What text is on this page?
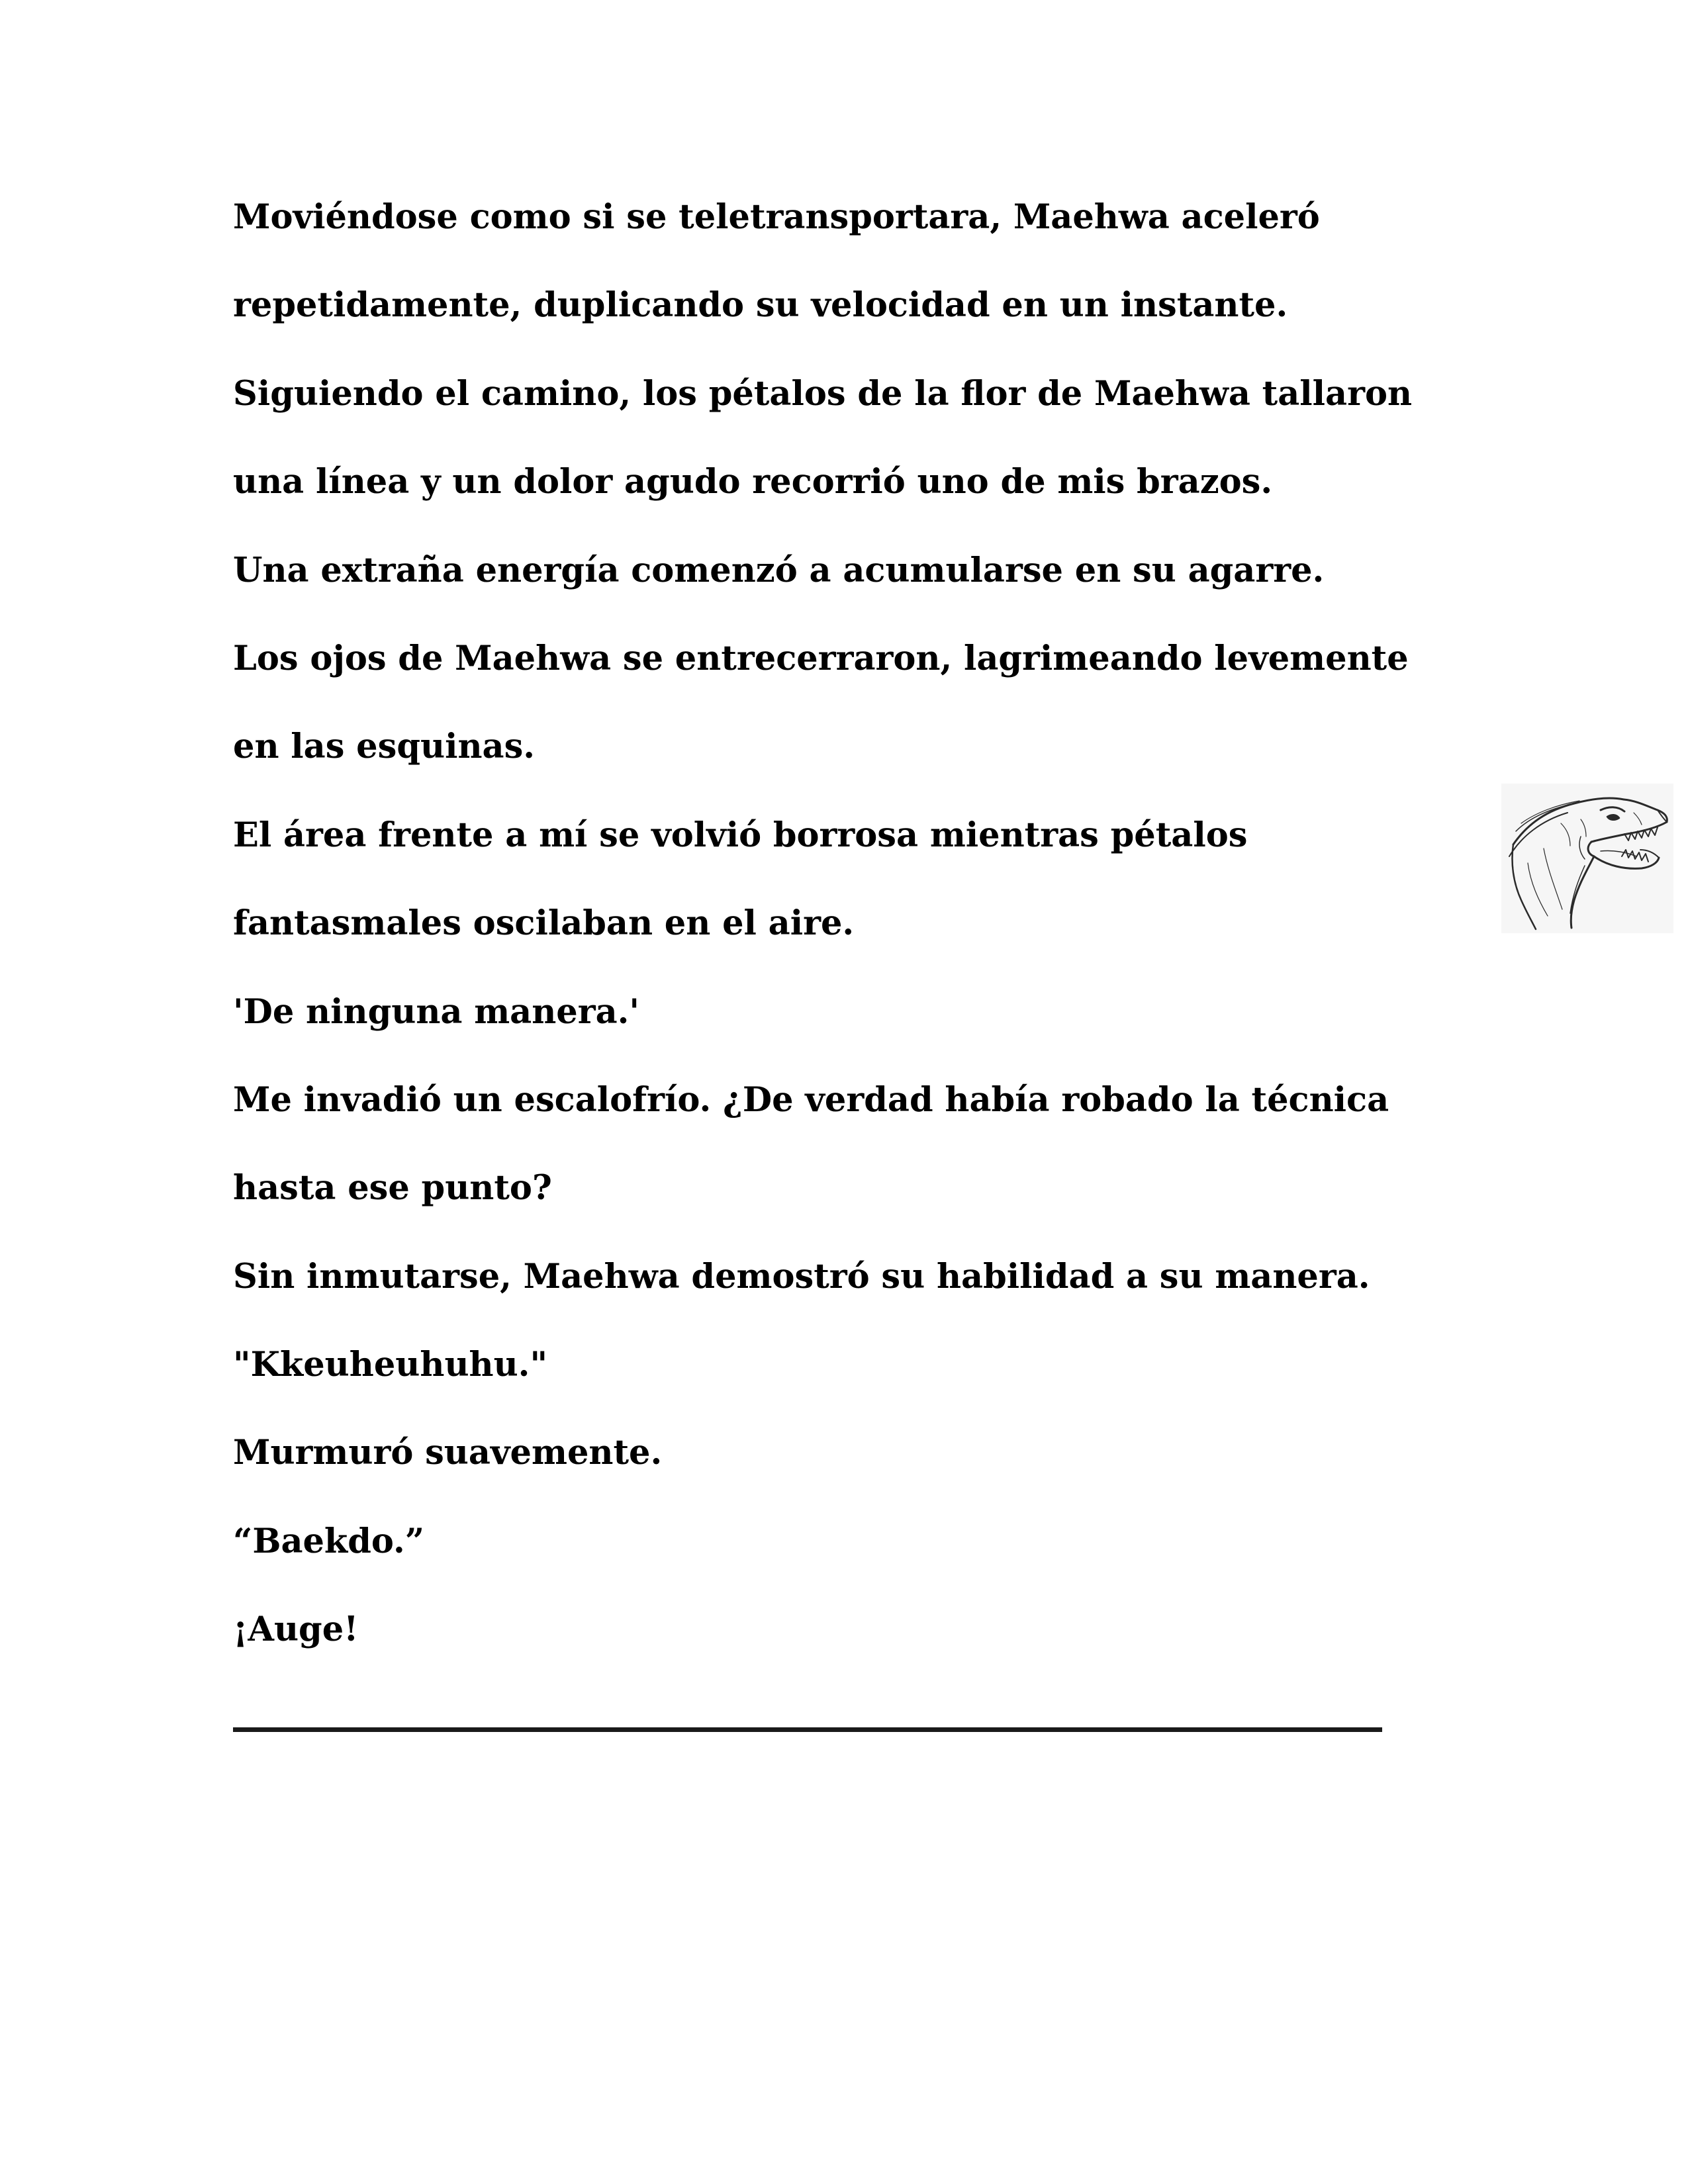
Moviéndose como si se teletransportara, Maehwa aceleró
repetidamente, duplicando su velocidad en un instante.
Siguiendo el camino, los pétalos de la flor de Maehwa tallaron
una línea y un dolor agudo recorrió uno de mis brazos.
Una extraña energía comenzó a acumularse en su agarre.
Los ojos de Maehwa se entrecerraron, lagrimeando levemente
en las esquinas.
El área frente a mí se volvió borrosa mientras pétalos
fantasmales oscilaban en el aire.
'De ninguna manera.'
Me invadió un escalofrío. ¿De verdad había robado la técnica
hasta ese punto?
Sin inmutarse, Maehwa demostró su habilidad a su manera.
"Kkeuheuhuhu."
Murmuró suavemente.
“Baekdo.”
¡Auge!
